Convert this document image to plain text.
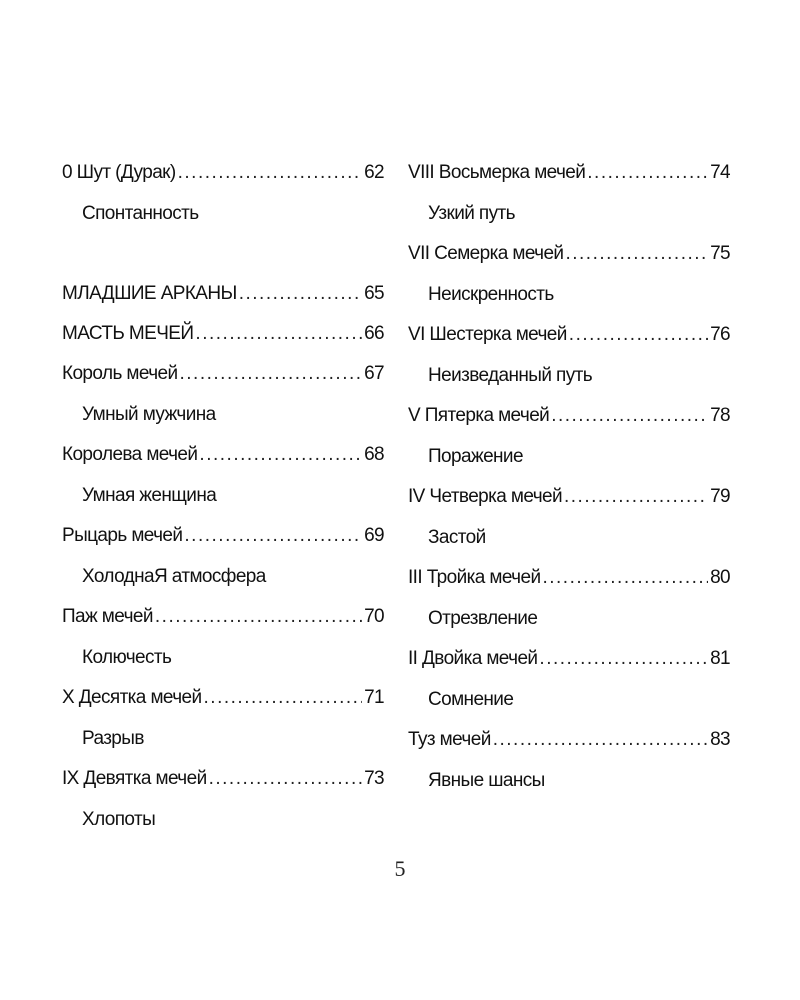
0 Шут (Дурак) .....	62
Спонтанность
МЛАДШИЕ АРКАНЫ .....	65
МАСТЬ МЕЧЕЙ .....	66
Король мечей .....	67
Умный мужчина
Королева мечей .....	68
Умная женщина
Рыцарь мечей .....	69
ХолоднаЯ атмосфера
Паж мечей .....	70
Колючесть
X Десятка мечей .....	71
Разрыв
IX Девятка мечей .....	73
Хлопоты
VIII Восьмерка мечей .....	74
Узкий путь
VII Семерка мечей .....	75
Неискренность
VI Шестерка мечей .....	76
Неизведанный путь
V Пятерка мечей .....	78
Поражение
IV Четверка мечей .....	79
Застой
III Тройка мечей .....	80
Отрезвление
II Двойка мечей .....	81
Сомнение
Туз мечей .....	83
Явные шансы
5
